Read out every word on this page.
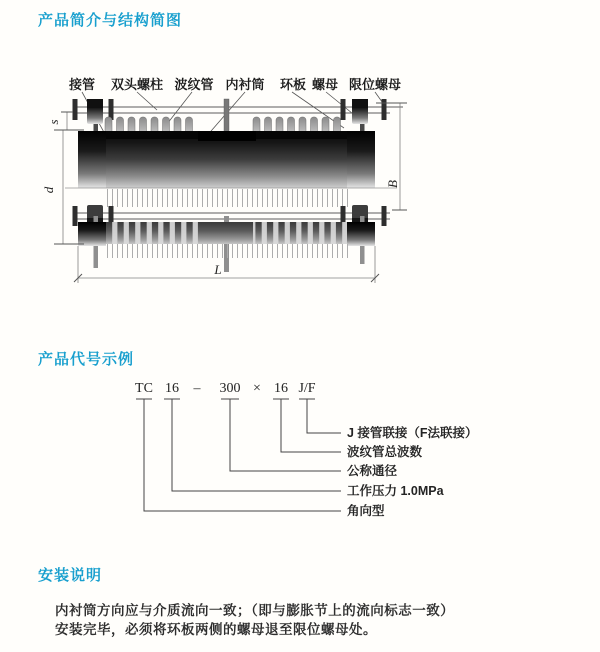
产品简介与结构简图
接管 双头螺柱 波纹管 内衬筒 环板 螺母 限位螺母
s
d
B
L
产品代号示例
TC 16 – 300 × 16 J/F
J 接管联接（F法联接）
波纹管总波数
公称通径
工作压力 1.0MPa
角向型
安装说明
内衬筒方向应与介质流向一致；（即与膨胀节上的流向标志一致）
安装完毕，必须将环板两侧的螺母退至限位螺母处。
